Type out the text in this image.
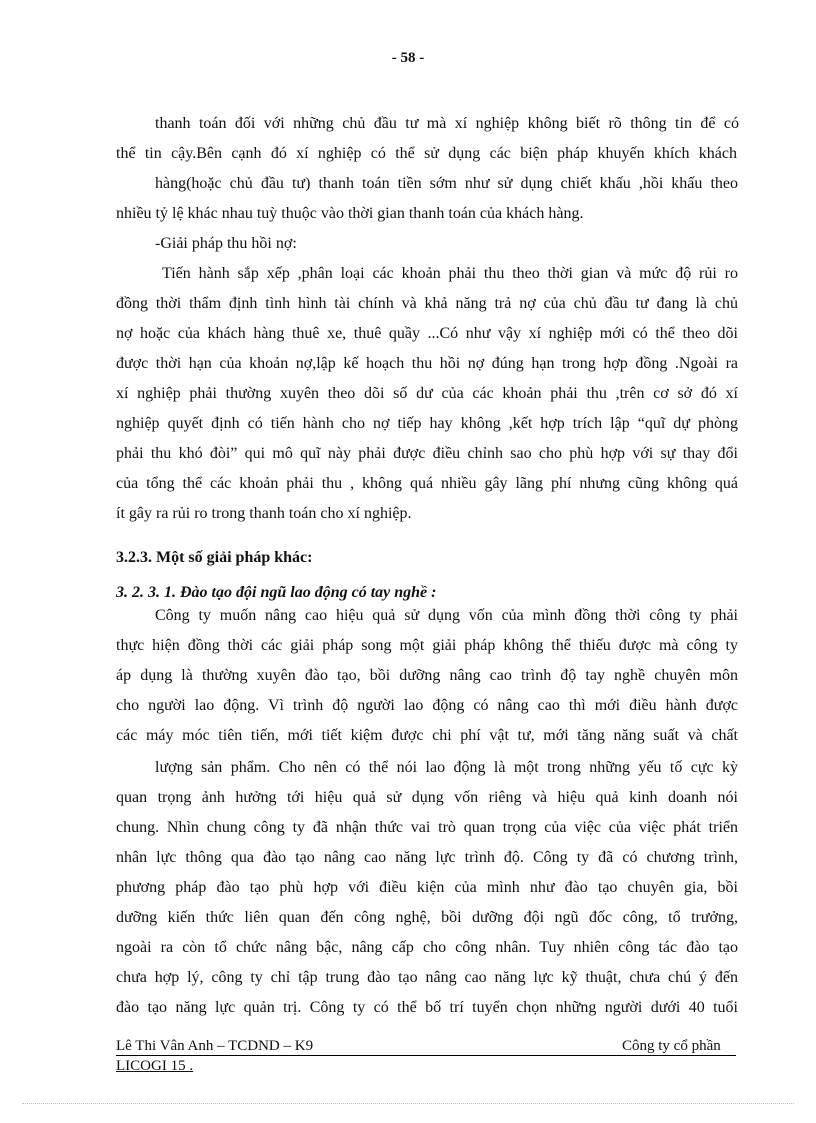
- 58 -
thanh toán đối với những chủ đầu tư mà xí nghiệp không biết rõ thông tin để có
thể tin cậy.Bên cạnh đó xí nghiệp có thể sử dụng các biện pháp khuyến khích khách
hàng(hoặc chủ đầu tư) thanh toán tiền sớm như sử dụng chiết khấu ,hồi khấu theo
nhiều tỷ lệ khác nhau tuỳ thuộc vào thời gian thanh toán của khách hàng.
-Giải pháp thu hồi nợ:
Tiến hành sắp xếp ,phân loại các khoản phải thu theo thời gian và mức độ rủi ro
đồng thời thẩm định tình hình tài chính và khả năng trả nợ của chủ đầu tư đang là chủ
nợ hoặc của khách hàng thuê xe, thuê quầy ...Có như vậy xí nghiệp mới có thể theo dõi
được thời hạn của khoản nợ,lập kế hoạch thu hồi nợ đúng hạn trong hợp đồng .Ngoài ra
xí nghiệp phải thường xuyên theo dõi số dư của các khoản phải thu ,trên cơ sở đó xí
nghiệp quyết định có tiến hành cho nợ tiếp hay không ,kết hợp trích lập “quĩ dự phòng
phải thu khó đòi” qui mô quĩ này phải được điều chỉnh sao cho phù hợp với sự thay đổi
của tổng thể các khoản phải thu , không quá nhiều gây lãng phí nhưng cũng không quá
ít gây ra rủi ro trong thanh toán cho xí nghiệp.
3.2.3. Một số giải pháp khác:
3. 2. 3. 1. Đào tạo đội ngũ lao động có tay nghề :
Công ty muốn nâng cao hiệu quả sử dụng vốn của mình đồng thời công ty phải
thực hiện đồng thời các giải pháp song một giải pháp không thể thiếu được mà công ty
áp dụng là thường xuyên đào tạo, bồi dưỡng nâng cao trình độ tay nghề chuyên môn
cho người lao động. Vì trình độ người lao động có nâng cao thì mới điều hành được
các máy móc tiên tiến, mới tiết kiệm được chi phí vật tư, mới tăng năng suất và chất
lượng sản phẩm. Cho nên có thể nói lao động là một trong những yếu tố cực kỳ
quan trọng ảnh hưởng tới hiệu quả sử dụng vốn riêng và hiệu quả kinh doanh nói
chung. Nhìn chung công ty đã nhận thức vai trò quan trọng của việc của việc phát triển
nhân lực thông qua đào tạo nâng cao năng lực trình độ. Công ty đã có chương trình,
phương pháp đào tạo phù hợp với điều kiện của mình như đào tạo chuyên gia, bồi
dưỡng kiến thức liên quan đến công nghệ, bồi dưỡng đội ngũ đốc công, tổ trưởng,
ngoài ra còn tổ chức nâng bậc, nâng cấp cho công nhân. Tuy nhiên công tác đào tạo
chưa hợp lý, công ty chỉ tập trung đào tạo nâng cao năng lực kỹ thuật, chưa chú ý đến
đào tạo năng lực quản trị. Công ty có thể bố trí tuyển chọn những người dưới 40 tuổi
Lê Thi Vân Anh – TCDND – K9	Công ty cổ phần
LICOGI 15 .
